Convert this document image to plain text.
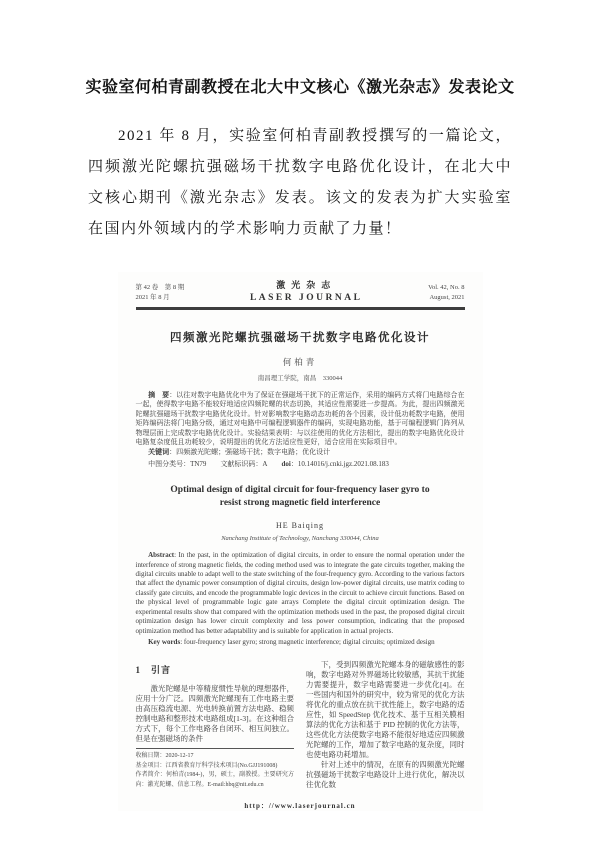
实验室何柏青副教授在北大中文核心《激光杂志》发表论文

2021 年 8 月，实验室何柏青副教授撰写的一篇论文，四频激光陀螺抗强磁场干扰数字电路优化设计，在北大中文核心期刊《激光杂志》发表。该文的发表为扩大实验室在国内外领域内的学术影响力贡献了力量！

第 42 卷　第 8 期
2021 年 8 月
激光杂志
LASER JOURNAL
Vol. 42, No. 8
August, 2021
四频激光陀螺抗强磁场干扰数字电路优化设计
何柏青
南昌理工学院，南昌　330044

摘　要：以往对数字电路优化中为了保证在强磁场干扰下的正常运作，采用的编码方式将门电路综合在一起，使得数字电路不能较好地适应四频陀螺的状态切换，其适应性需要进一步提高。为此，提出四频激光陀螺抗强磁场干扰数字电路优化设计。针对影响数字电路动态功耗的各个因素，设计低功耗数字电路，使用矩阵编码法将门电路分级，通过对电路中可编程逻辑器件的编码，实现电路功能，基于可编程逻辑门阵列从物理层面上完成数字电路优化设计。实验结果表明：与以往使用的优化方法相比，提出的数字电路优化设计电路复杂度低且功耗较少，说明提出的优化方法适应性更好，适合应用在实际项目中。

关键词：四频激光陀螺；强磁场干扰；数字电路；优化设计

中图分类号：TN79 文献标识码：A doi：10.14016/j.cnki.jgz.2021.08.183

Optimal design of digital circuit for four-frequency laser gyro to
resist strong magnetic field interference
HE Baiqing
Nanchang Institute of Technology, Nanchang 330044, China

Abstract: In the past, in the optimization of digital circuits, in order to ensure the normal operation under the interference of strong magnetic fields, the coding method used was to integrate the gate circuits together, making the digital circuits unable to adapt well to the state switching of the four-frequency gyro. According to the various factors that affect the dynamic power consumption of digital circuits, design low-power digital circuits, use matrix coding to classify gate circuits, and encode the programmable logic devices in the circuit to achieve circuit functions. Based on the physical level of programmable logic gate arrays Complete the digital circuit optimization design. The experimental results show that compared with the optimization methods used in the past, the proposed digital circuit optimization design has lower circuit complexity and less power consumption, indicating that the proposed optimization method has better adaptability and is suitable for application in actual projects.

Key words: four-frequency laser gyro; strong magnetic interference; digital circuits; optimized design

1　引言

激光陀螺是中等精度惯性导航的理想器件，应用十分广泛。四频激光陀螺现有工作电路主要由高压稳流电源、光电转换前置方法电路、稳频控制电路和整形技术电路组成[1-3]。在这种组合方式下，每个工作电路各自闭环、相互间独立。但是在强磁场的条件

收稿日期：2020-12-17
基金项目：江西省教育厅科学技术项目(No.GJJ191008)
作者简介：何柏青(1984-)，男，硕士，副教授。主要研究方向：激光陀螺、信息工程。E-mail:hbq@nit.edu.cn

下，受到四频激光陀螺本身的磁敏感性的影响，数字电路对外界磁场比较敏感，其抗干扰能力需要提升，数字电路需要进一步优化[4]。在一些国内和国外的研究中，较为常见的优化方法将优化的重点放在抗干扰性能上，数字电路的适应性，如 SpeedStep 优化技术、基于互相关膜相算法的优化方法和基于 PID 控制的优化方法等，这些优化方法使数字电路不能很好地适应四频激光陀螺的工作，增加了数字电路的复杂度，同时也使电路功耗增加。

针对上述中的情况，在原有的四频激光陀螺抗强磁场干扰数字电路设计上进行优化，解决以往优化数

http：//www.laserjournal.cn
